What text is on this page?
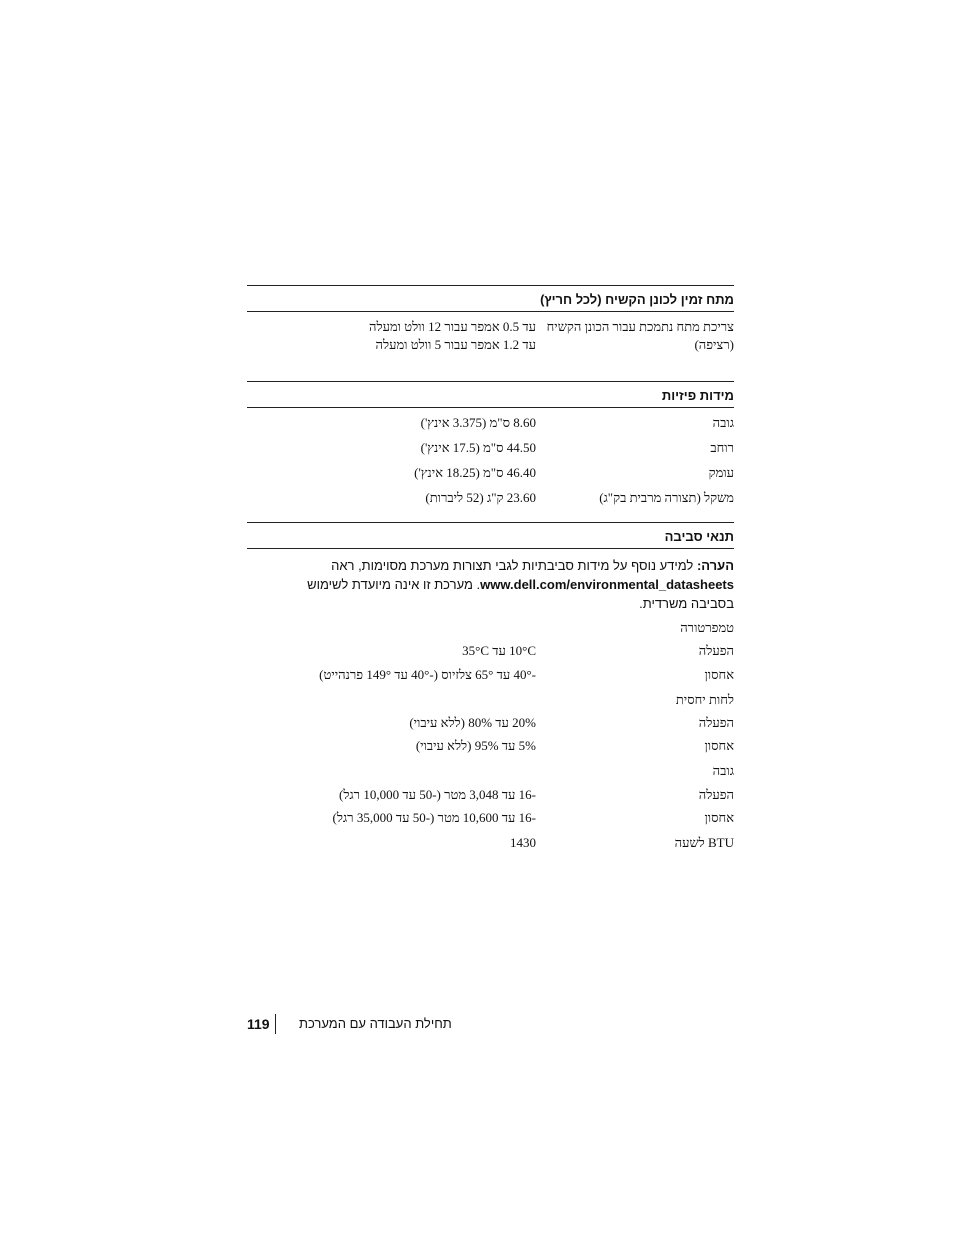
מתח זמין לכונן הקשיח (לכל חריץ)
צריכת מתח נתמכת עבור הכונן הקשיח
(רציפה)
עד 0.5 אמפר עבור 12 וולט ומעלה
עד 1.2 אמפר עבור 5 וולט ומעלה
מידות פיזיות
גובה
8.60 ס"מ (3.375 אינץ')
רוחב
44.50 ס"מ (17.5 אינץ')
עומק
46.40 ס"מ (18.25 אינץ')
משקל (תצורה מרבית בק"ג)
23.60 ק"ג (52 ליברות)
תנאי סביבה
הערה: למידע נוסף על מידות סביבתיות לגבי תצורות מערכת מסוימות, ראה
www.dell.com/environmental_datasheets. מערכת זו אינה מיועדת לשימוש
בסביבה משרדית.
טמפרטורה
הפעלה
10°C עד 35°C
אחסון
-40° עד 65° צלזיוס (-40° עד 149° פרנהייט)
לחות יחסית
הפעלה
20% עד 80% (ללא עיבוי)
אחסון
5% עד 95% (ללא עיבוי)
גובה
הפעלה
-16 עד 3,048 מטר (-50 עד 10,000 רגל)
אחסון
-16 עד 10,600 מטר (-50 עד 35,000 רגל)
BTU לשעה
1430
119 תחילת העבודה עם המערכת
